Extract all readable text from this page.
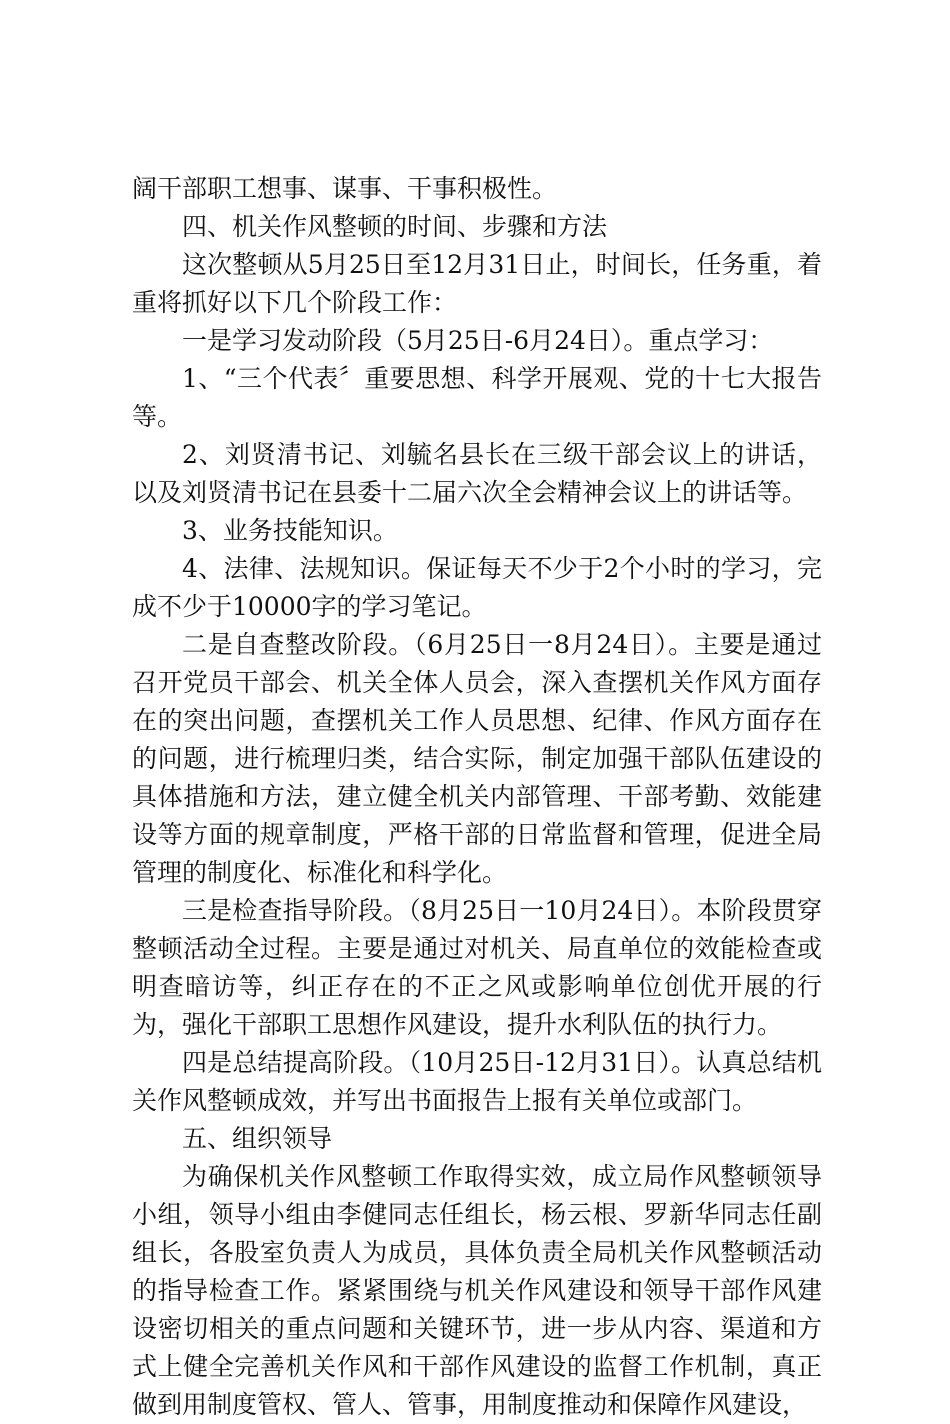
阔干部职工想事、谋事、干事积极性。

四、机关作风整顿的时间、步骤和方法

这次整顿从5月25日至12月31日止，时间长，任务重，着重将抓好以下几个阶段工作：

一是学习发动阶段（5月25日-6月24日）。重点学习：

1、“三个代表〞重要思想、科学开展观、党的十七大报告等。

2、刘贤清书记、刘毓名县长在三级干部会议上的讲话，以及刘贤清书记在县委十二届六次全会精神会议上的讲话等。

3、业务技能知识。

4、法律、法规知识。保证每天不少于2个小时的学习，完成不少于10000字的学习笔记。

二是自查整改阶段。（6月25日一8月24日）。主要是通过召开党员干部会、机关全体人员会，深入查摆机关作风方面存在的突出问题，查摆机关工作人员思想、纪律、作风方面存在的问题，进行梳理归类，结合实际，制定加强干部队伍建设的具体措施和方法，建立健全机关内部管理、干部考勤、效能建设等方面的规章制度，严格干部的日常监督和管理，促进全局管理的制度化、标准化和科学化。

三是检查指导阶段。（8月25日一10月24日）。本阶段贯穿整顿活动全过程。主要是通过对机关、局直单位的效能检查或明查暗访等，纠正存在的不正之风或影响单位创优开展的行为，强化干部职工思想作风建设，提升水利队伍的执行力。

四是总结提高阶段。（10月25日-12月31日）。认真总结机关作风整顿成效，并写出书面报告上报有关单位或部门。

五、组织领导

为确保机关作风整顿工作取得实效，成立局作风整顿领导小组，领导小组由李健同志任组长，杨云根、罗新华同志任副组长，各股室负责人为成员，具体负责全局机关作风整顿活动的指导检查工作。紧紧围绕与机关作风建设和领导干部作风建设密切相关的重点问题和关键环节，进一步从内容、渠道和方式上健全完善机关作风和干部作风建设的监督工作机制，真正做到用制度管权、管人、管事，用制度推动和保障作风建设，
